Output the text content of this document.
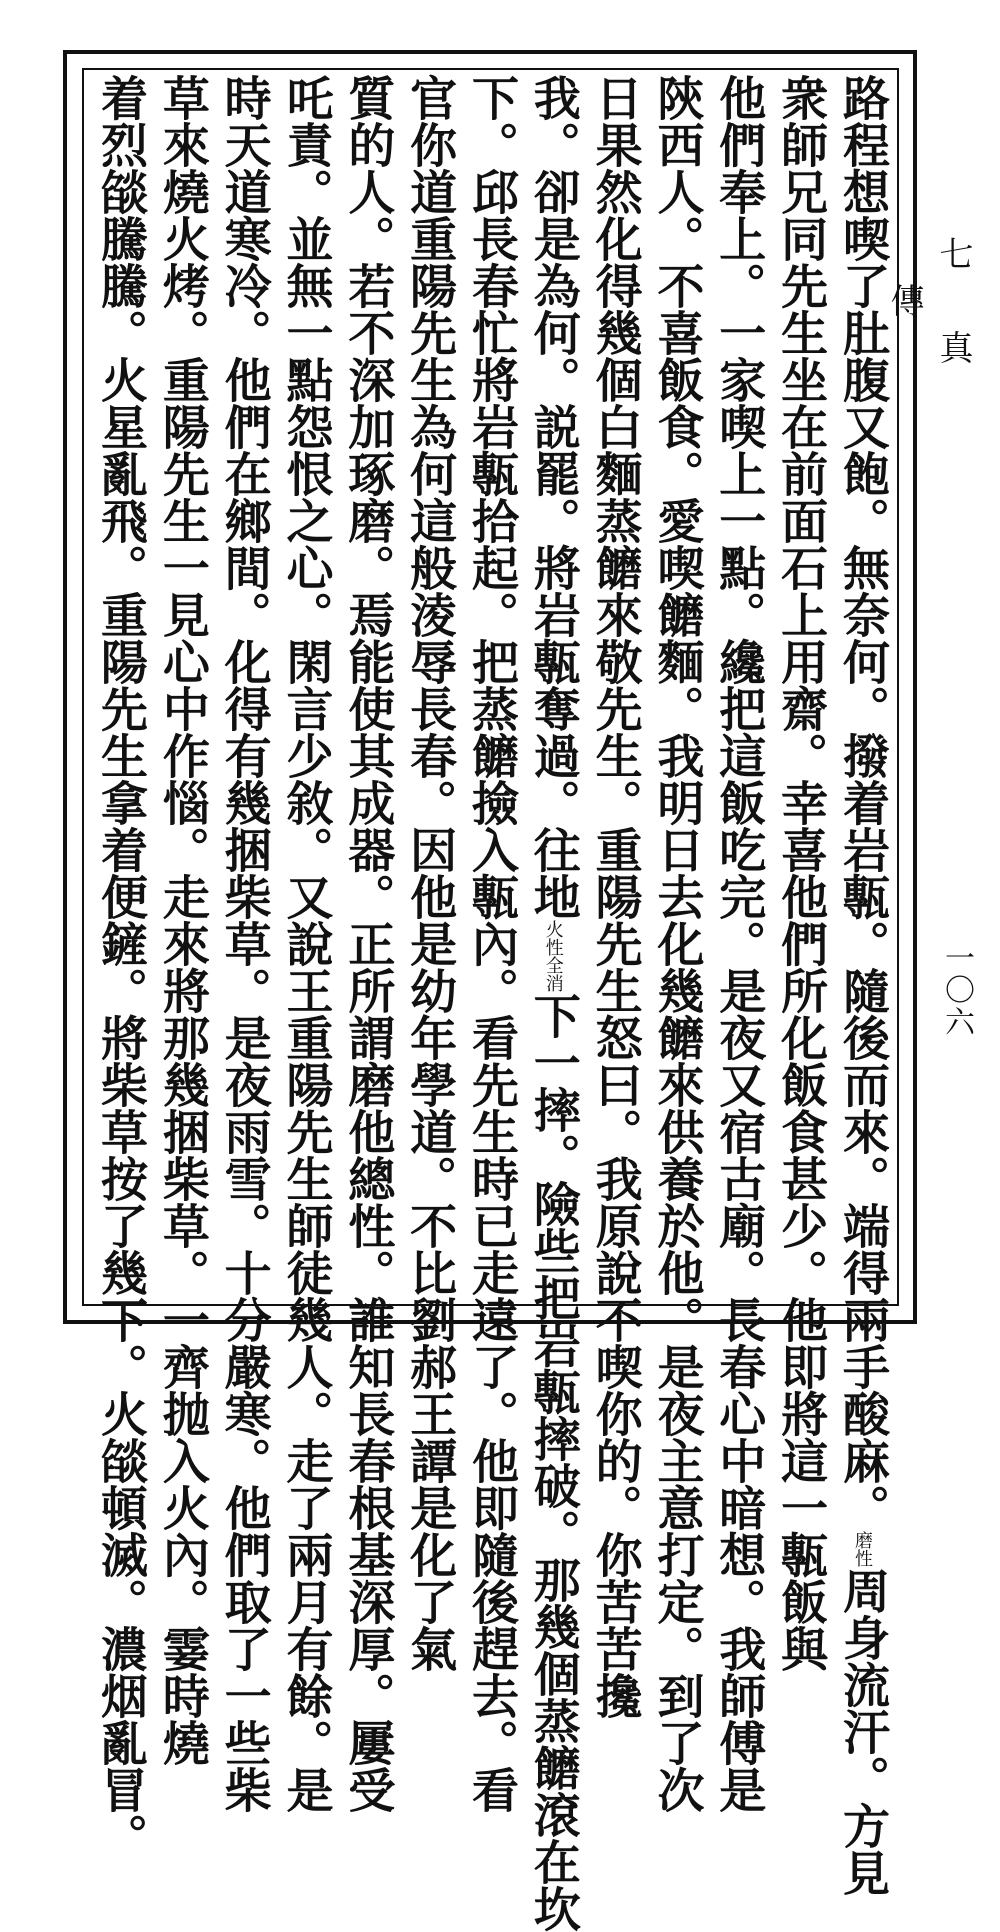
路程想喫了肚腹又飽。無奈何。撥着岩甎。隨後而來。端得兩手酸麻。磨性周身流汗。方見
衆師兄同先生坐在前面石上用齋。幸喜他們所化飯食甚少。他即將這一甎飯與
他們奉上。一家喫上一點。纔把這飯吃完。是夜又宿古廟。長春心中暗想。我師傅是
陝西人。不喜飯食。愛喫饝麵。我明日去化幾饝來供養於他。是夜主意打定。到了次
日果然化得幾個白麵蒸饝來敬先生。重陽先生怒曰。我原說不喫你的。你苦苦攙
我。卻是為何。説罷。將岩甎奪過。往地火性全消下一摔。險些把岩甎摔破。那幾個蒸饝滾在坎
下。邱長春忙將岩甎拾起。把蒸饝撿入甎內。看先生時已走遠了。他即隨後趕去。看
官你道重陽先生為何這般淩辱長春。因他是幼年學道。不比劉郝王譚是化了氣
質的人。若不深加琢磨。焉能使其成器。正所謂磨他總性。誰知長春根基深厚。屢受
吒責。並無一點怨恨之心。閑言少敘。又說王重陽先生師徒幾人。走了兩月有餘。是
時天道寒冷。他們在鄉間。化得有幾捆柴草。是夜雨雪。十分嚴寒。他們取了一些柴
草來燒火烤。重陽先生一見心中作惱。走來將那幾捆柴草。一齊抛入火內。霎時燒
着烈燄騰騰。火星亂飛。重陽先生拿着便鏟。將柴草按了幾下。火燄頓滅。濃烟亂冒。	七真傳
一〇六
